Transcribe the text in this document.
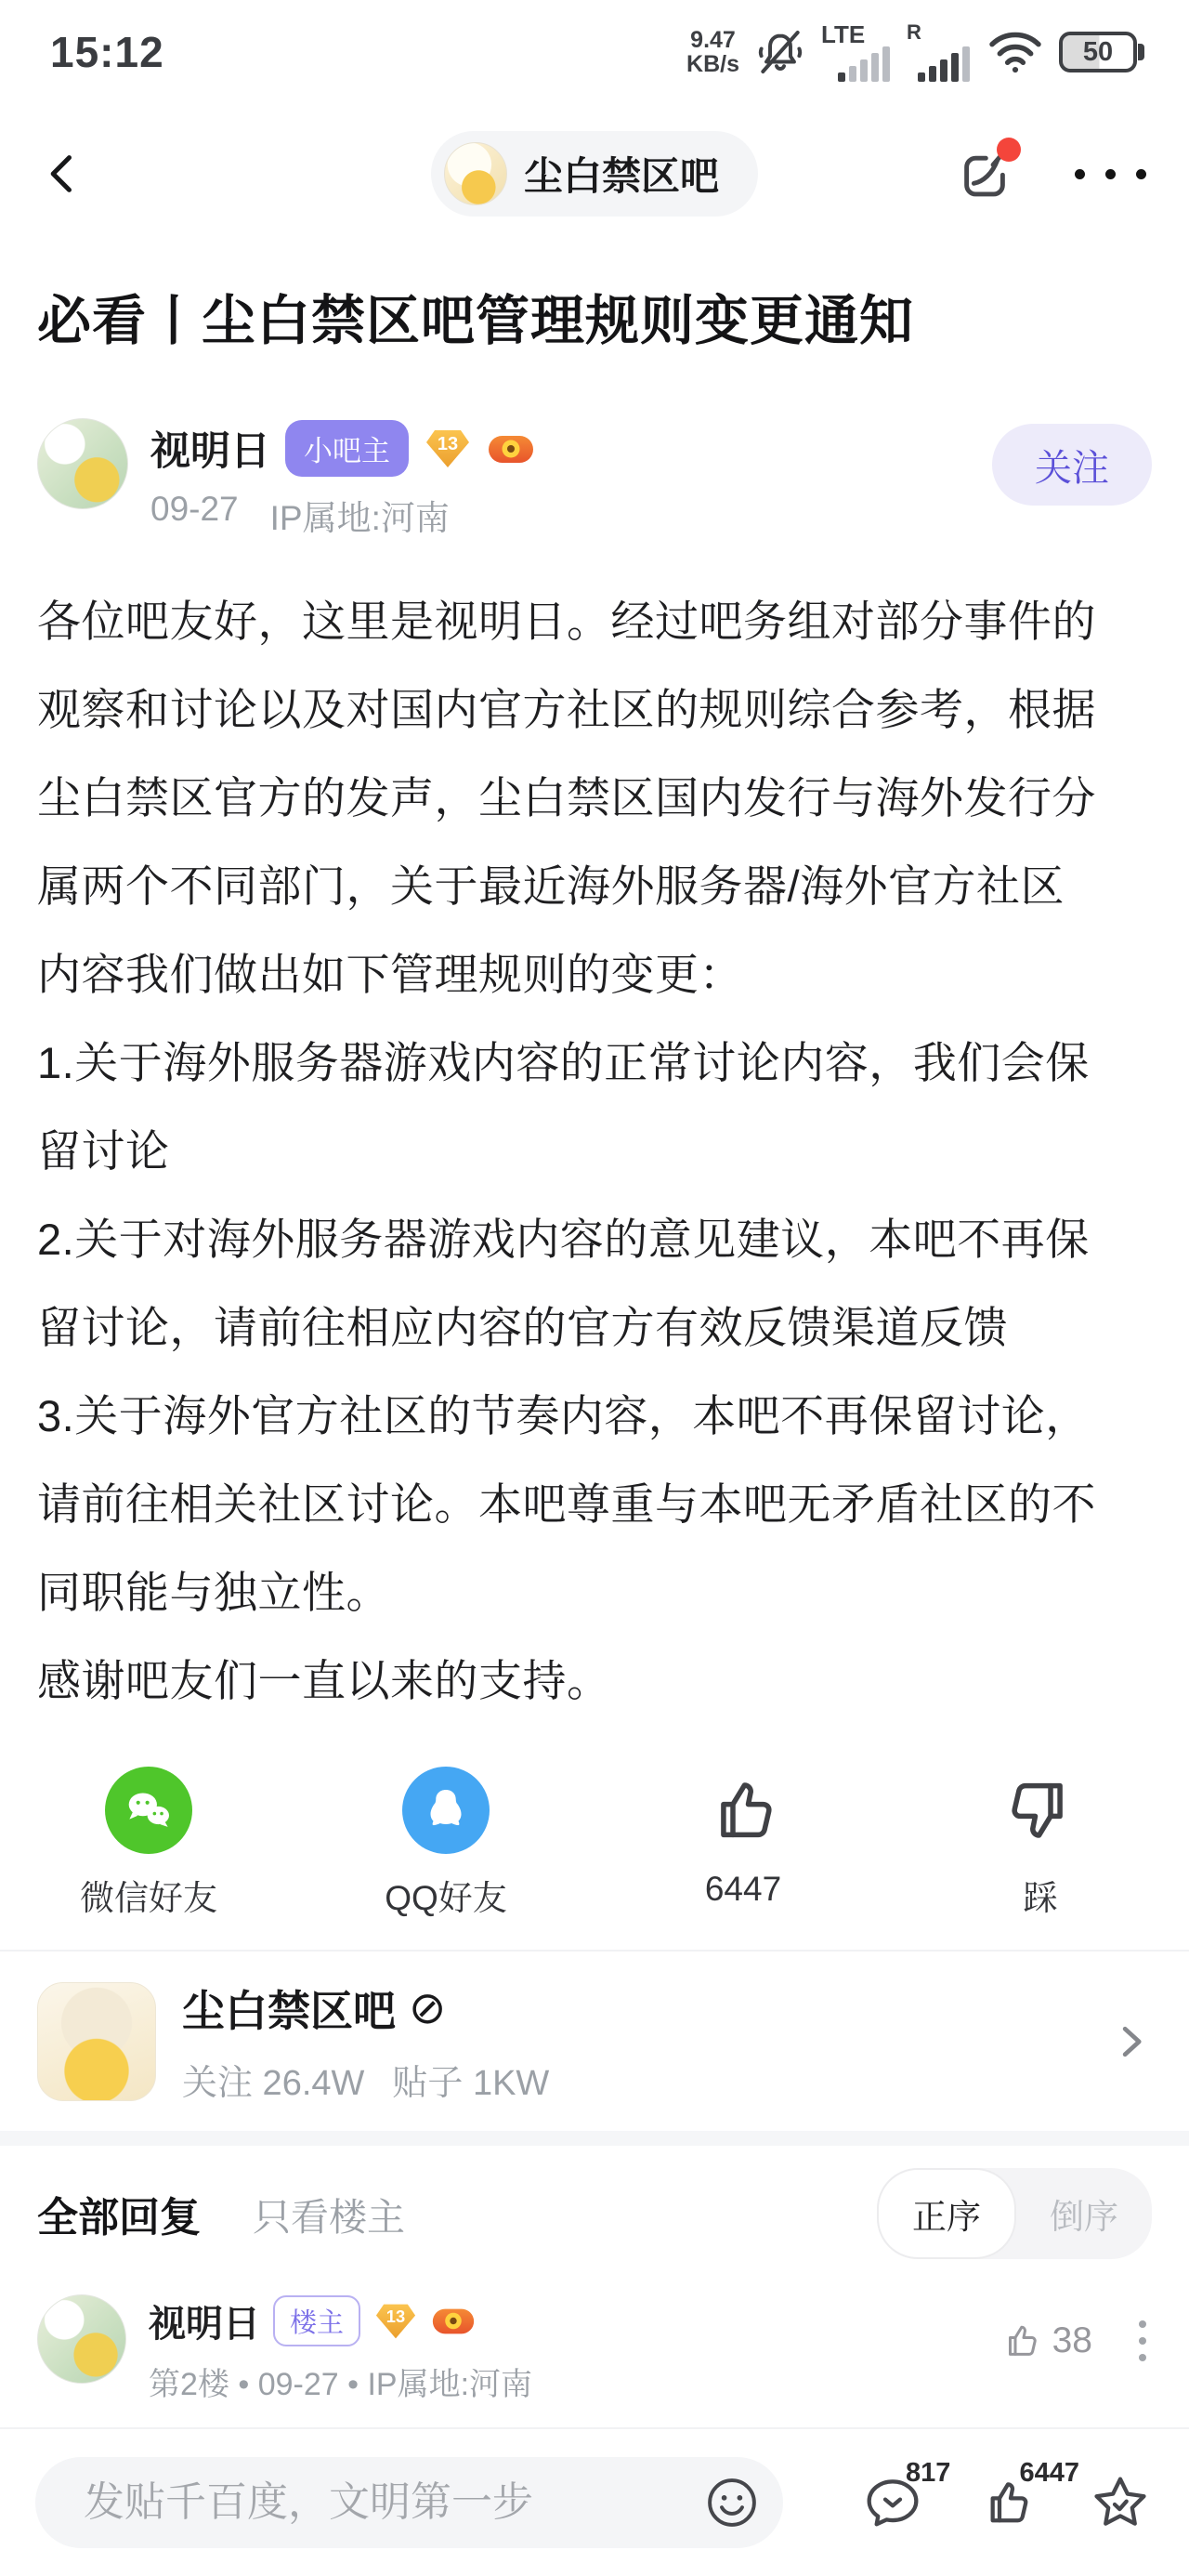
15:12	9.47
KB/s
LTE R
50
尘白禁区吧
必看丨尘白禁区吧管理规则变更通知
视明日	小吧主	13
09-27 IP属地:河南
关注
各位吧友好，这里是视明日。经过吧务组对部分事件的
观察和讨论以及对国内官方社区的规则综合参考，根据
尘白禁区官方的发声，尘白禁区国内发行与海外发行分
属两个不同部门，关于最近海外服务器/海外官方社区
内容我们做出如下管理规则的变更：
1.关于海外服务器游戏内容的正常讨论内容，我们会保
留讨论
2.关于对海外服务器游戏内容的意见建议，本吧不再保
留讨论，请前往相应内容的官方有效反馈渠道反馈
3.关于海外官方社区的节奏内容，本吧不再保留讨论，
请前往相关社区讨论。本吧尊重与本吧无矛盾社区的不
同职能与独立性。
感谢吧友们一直以来的支持。
微信好友	QQ好友	6447	踩
尘白禁区吧 ⊘
关注 26.4W 贴子 1KW
全部回复 只看楼主	正序	倒序
视明日	楼主	13
第2楼 • 09-27 • IP属地:河南
38
发贴千百度，文明第一步
817	6447
